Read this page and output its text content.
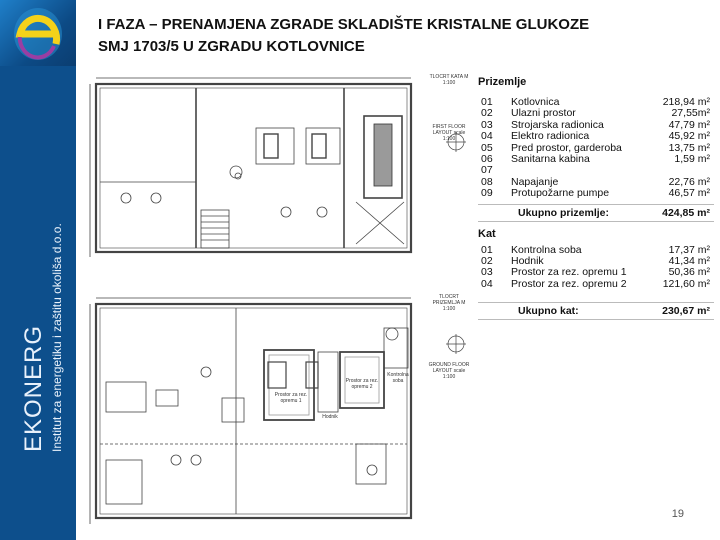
EKONERG Institut za energetiku i zaštitu okoliša d.o.o.
I FAZA – PRENAMJENA ZGRADE SKLADIŠTE KRISTALNE GLUKOZE
SMJ 1703/5 U ZGRADU KOTLOVNICE
TLOCRT KATA M 1:100
FIRST FLOOR LAYOUT scale 1:100
TLOCRT PRIZEMLJA M 1:100
GROUND FLOOR LAYOUT scale 1:100
Prostor za rez. opremu 2
Prostor za rez. opremu 1
Kontrolna soba
Hodnik
Prizemlje
01	Kotlovnica	218,94 m²
02	Ulazni prostor	27,55m²
03	Strojarska radionica	47,79 m²
04	Elektro radionica	45,92 m²
05	Pred prostor, garderoba	13,75 m²
06	Sanitarna kabina	1,59 m²
07
08	Napajanje	22,76 m²
09	Protupožarne pumpe	46,57 m²
Ukupno prizemlje:	424,85 m²
Kat
01	Kontrolna soba	17,37 m²
02	Hodnik	41,34 m²
03	Prostor za rez. opremu 1	50,36 m²
04	Prostor za rez. opremu 2	121,60 m²
Ukupno kat:	230,67 m²
19
